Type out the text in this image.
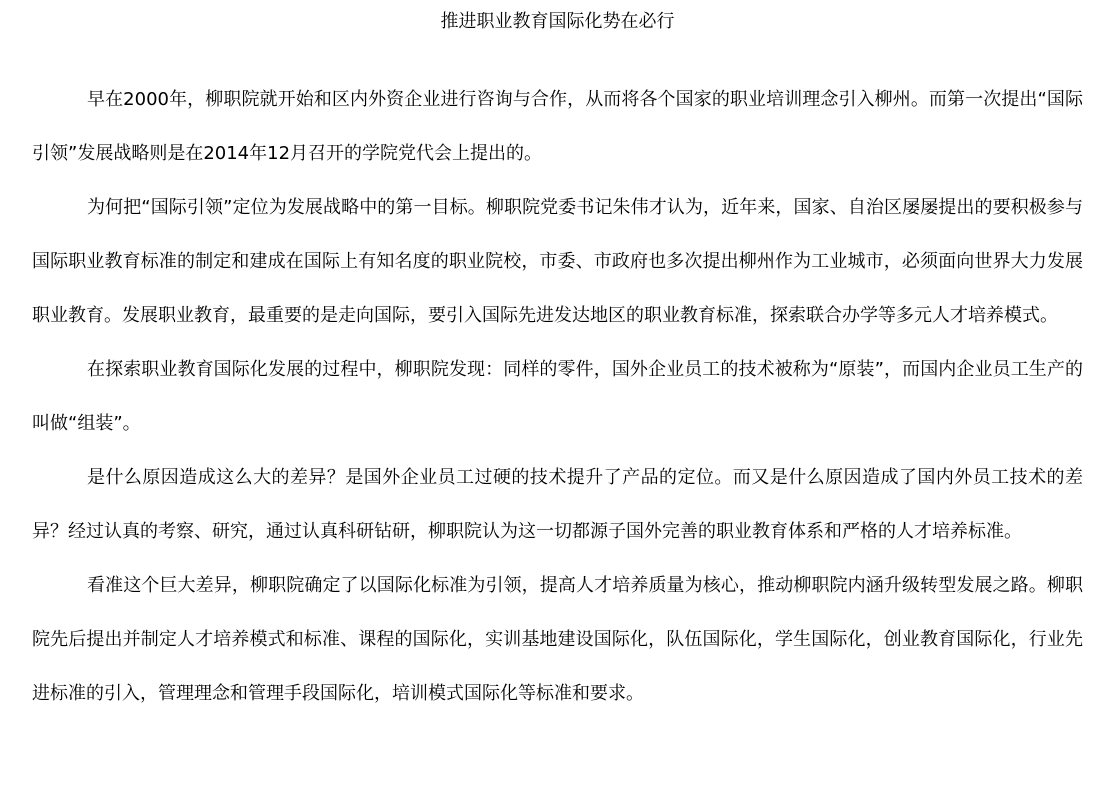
推进职业教育国际化势在必行

早在2000年，柳职院就开始和区内外资企业进行咨询与合作，从而将各个国家的职业培训理念引入柳州。而第一次提出“国际引领”发展战略则是在2014年12月召开的学院党代会上提出的。

为何把“国际引领”定位为发展战略中的第一目标。柳职院党委书记朱伟才认为，近年来，国家、自治区屡屡提出的要积极参与国际职业教育标准的制定和建成在国际上有知名度的职业院校，市委、市政府也多次提出柳州作为工业城市，必须面向世界大力发展职业教育。发展职业教育，最重要的是走向国际，要引入国际先进发达地区的职业教育标准，探索联合办学等多元人才培养模式。

在探索职业教育国际化发展的过程中，柳职院发现：同样的零件，国外企业员工的技术被称为“原装”，而国内企业员工生产的叫做“组装”。

是什么原因造成这么大的差异？是国外企业员工过硬的技术提升了产品的定位。而又是什么原因造成了国内外员工技术的差异？经过认真的考察、研究，通过认真科研钻研，柳职院认为这一切都源子国外完善的职业教育体系和严格的人才培养标准。

看准这个巨大差异，柳职院确定了以国际化标准为引领，提高人才培养质量为核心，推动柳职院内涵升级转型发展之路。柳职院先后提出并制定人才培养模式和标准、课程的国际化，实训基地建设国际化，队伍国际化，学生国际化，创业教育国际化，行业先进标准的引入，管理理念和管理手段国际化，培训模式国际化等标准和要求。
